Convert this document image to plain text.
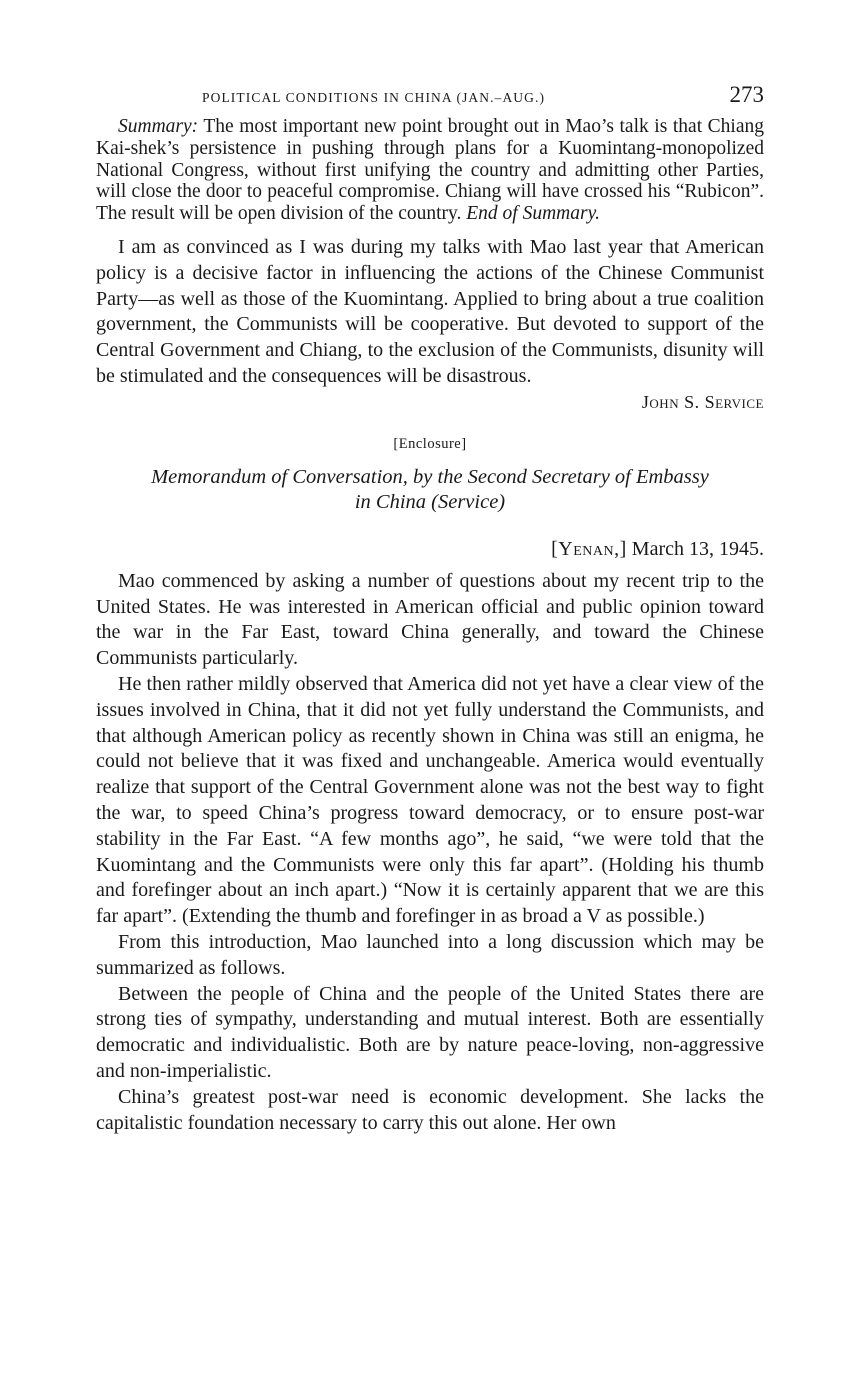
POLITICAL CONDITIONS IN CHINA (JAN.–AUG.)	273

Summary: The most important new point brought out in Mao’s talk is that Chiang Kai-shek’s persistence in pushing through plans for a Kuomintang-monopolized National Congress, without first unifying the country and admitting other Parties, will close the door to peaceful compromise. Chiang will have crossed his “Rubicon”. The result will be open division of the country. End of Summary.

I am as convinced as I was during my talks with Mao last year that American policy is a decisive factor in influencing the actions of the Chinese Communist Party—as well as those of the Kuomintang. Applied to bring about a true coalition government, the Communists will be cooperative. But devoted to support of the Central Government and Chiang, to the exclusion of the Communists, disunity will be stimulated and the consequences will be disastrous.

John S. Service

[Enclosure]

Memorandum of Conversation, by the Second Secretary of Embassy
in China (Service)

[Yenan,] March 13, 1945.

Mao commenced by asking a number of questions about my recent trip to the United States. He was interested in American official and public opinion toward the war in the Far East, toward China generally, and toward the Chinese Communists particularly.

He then rather mildly observed that America did not yet have a clear view of the issues involved in China, that it did not yet fully understand the Communists, and that although American policy as recently shown in China was still an enigma, he could not believe that it was fixed and unchangeable. America would eventually realize that support of the Central Government alone was not the best way to fight the war, to speed China’s progress toward democracy, or to ensure post-war stability in the Far East. “A few months ago”, he said, “we were told that the Kuomintang and the Communists were only this far apart”. (Holding his thumb and forefinger about an inch apart.) “Now it is certainly apparent that we are this far apart”. (Extending the thumb and forefinger in as broad a V as possible.)

From this introduction, Mao launched into a long discussion which may be summarized as follows.

Between the people of China and the people of the United States there are strong ties of sympathy, understanding and mutual interest. Both are essentially democratic and individualistic. Both are by nature peace-loving, non-aggressive and non-imperialistic.

China’s greatest post-war need is economic development. She lacks the capitalistic foundation necessary to carry this out alone. Her own
